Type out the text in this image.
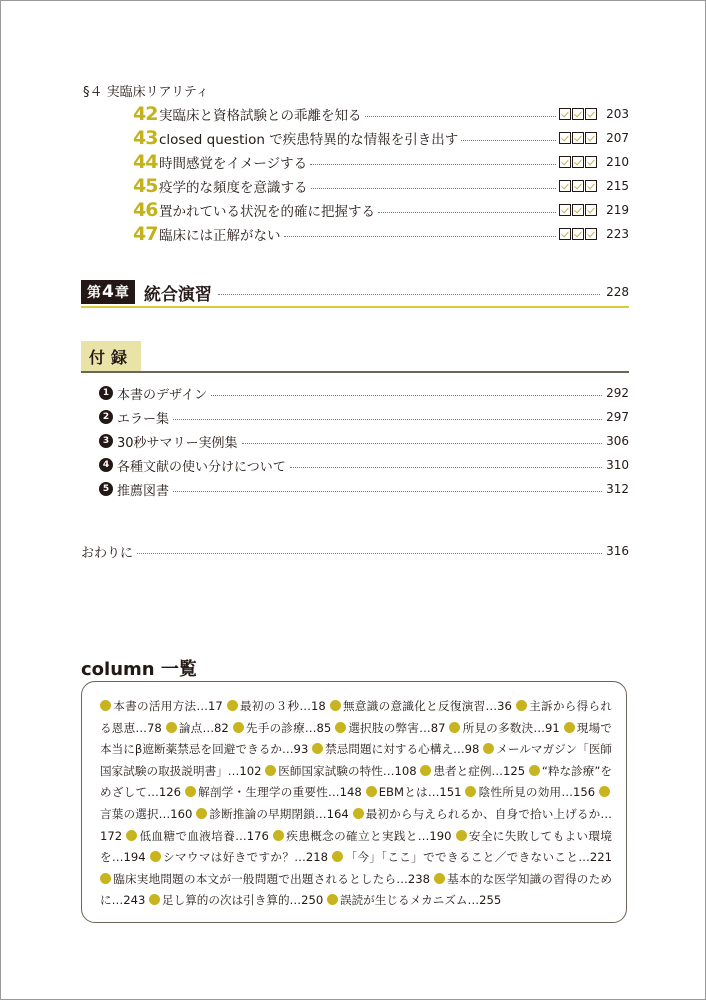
§４ 実臨床リアリティ
42 実臨床と資格試験との乖離を知る	203
43 closed question で疾患特異的な情報を引き出す	207
44 時間感覚をイメージする	210
45 疫学的な頻度を意識する	215
46 置かれている状況を的確に把握する	219
47 臨床には正解がない	223
第 4 章 統合演習	228
付録
1 本書のデザイン	292
2 エラー集	297
3 30秒サマリー実例集	306
4 各種文献の使い分けについて	310
5 推薦図書	312
おわりに	316
column 一覧
本書の活用方法…17 最初の３秒…18 無意識の意識化と反復演習…36 主訴から得られる恩恵…78 論点…82 先手の診療…85 選択肢の弊害…87 所見の多数決…91 現場で本当にβ遮断薬禁忌を回避できるか…93 禁忌問題に対する心構え…98 メールマガジン「医師国家試験の取扱説明書」…102 医師国家試験の特性…108 患者と症例…125 “粋な診療”をめざして…126 解剖学・生理学の重要性…148 EBMとは…151 陰性所見の効用…156 言葉の選択…160 診断推論の早期閉鎖…164 最初から与えられるか、自身で拾い上げるか…172 低血糖で血液培養…176 疾患概念の確立と実践と…190 安全に失敗してもよい環境を…194 シマウマは好きですか？…218 「今」「ここ」でできること／できないこと…221 臨床実地問題の本文が一般問題で出題されるとしたら…238 基本的な医学知識の習得のために…243 足し算的の次は引き算的…250 誤読が生じるメカニズム…255
